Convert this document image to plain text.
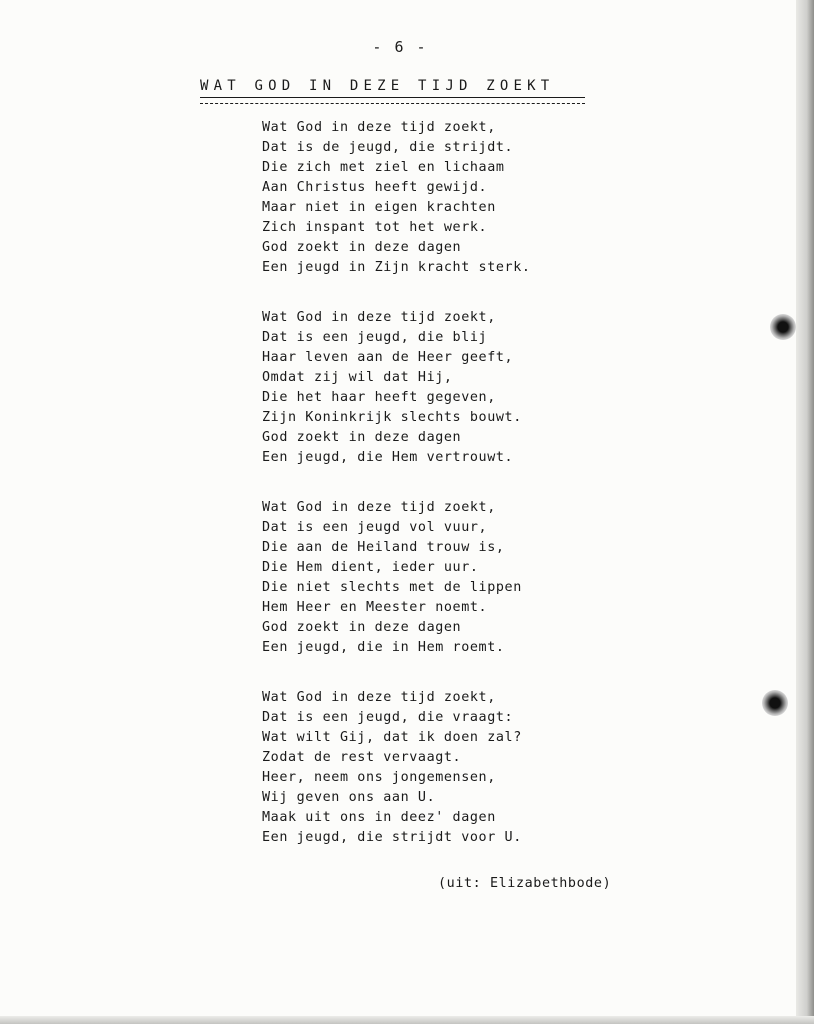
- 6 -
WAT GOD IN DEZE TIJD ZOEKT
Wat God in deze tijd zoekt,
Dat is de jeugd, die strijdt.
Die zich met ziel en lichaam
Aan Christus heeft gewijd.
Maar niet in eigen krachten
Zich inspant tot het werk.
God zoekt in deze dagen
Een jeugd in Zijn kracht sterk.
Wat God in deze tijd zoekt,
Dat is een jeugd, die blij
Haar leven aan de Heer geeft,
Omdat zij wil dat Hij,
Die het haar heeft gegeven,
Zijn Koninkrijk slechts bouwt.
God zoekt in deze dagen
Een jeugd, die Hem vertrouwt.
Wat God in deze tijd zoekt,
Dat is een jeugd vol vuur,
Die aan de Heiland trouw is,
Die Hem dient, ieder uur.
Die niet slechts met de lippen
Hem Heer en Meester noemt.
God zoekt in deze dagen
Een jeugd, die in Hem roemt.
Wat God in deze tijd zoekt,
Dat is een jeugd, die vraagt:
Wat wilt Gij, dat ik doen zal?
Zodat de rest vervaagt.
Heer, neem ons jongemensen,
Wij geven ons aan U.
Maak uit ons in deez' dagen
Een jeugd, die strijdt voor U.
(uit: Elizabethbode)
